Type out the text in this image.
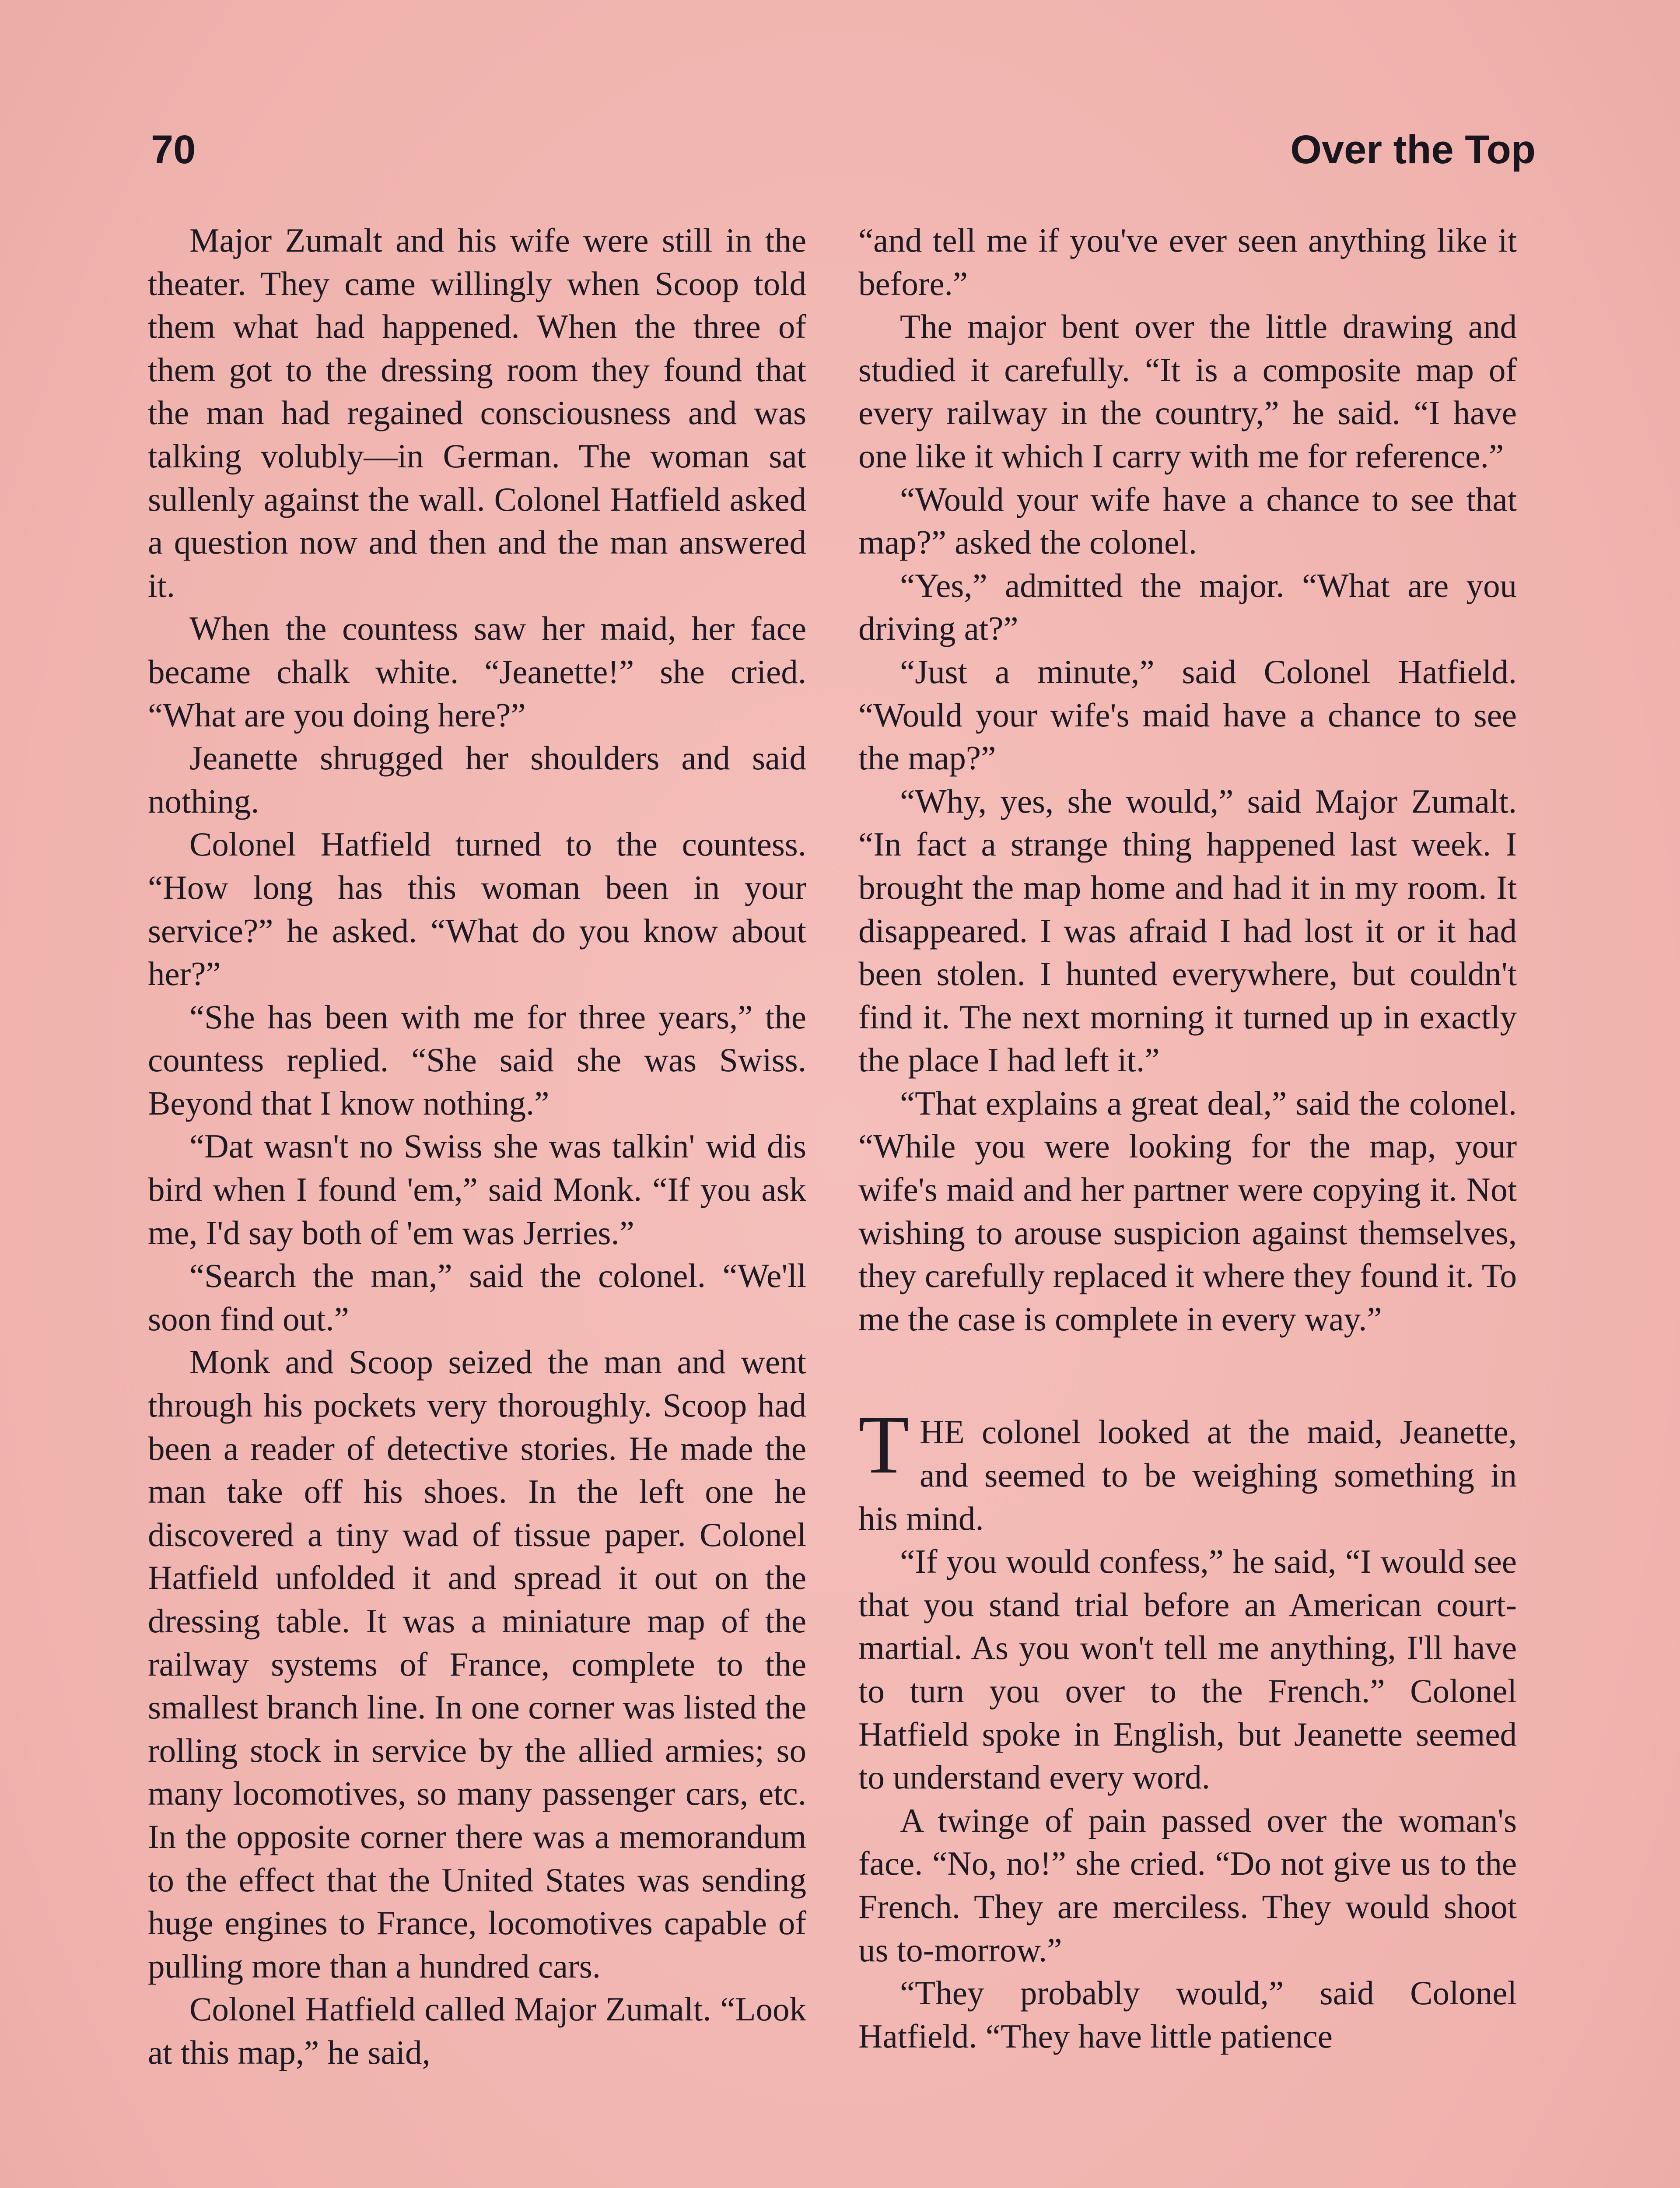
70	Over the Top

Major Zumalt and his wife were still in the theater. They came willingly when Scoop told them what had happened. When the three of them got to the dressing room they found that the man had regained consciousness and was talking volubly—in German. The woman sat sullenly against the wall. Colonel Hatfield asked a question now and then and the man answered it.

When the countess saw her maid, her face became chalk white. “Jeanette!” she cried. “What are you doing here?”

Jeanette shrugged her shoulders and said nothing.

Colonel Hatfield turned to the countess. “How long has this woman been in your service?” he asked. “What do you know about her?”

“She has been with me for three years,” the countess replied. “She said she was Swiss. Beyond that I know nothing.”

“Dat wasn't no Swiss she was talkin' wid dis bird when I found 'em,” said Monk. “If you ask me, I'd say both of 'em was Jerries.”

“Search the man,” said the colonel. “We'll soon find out.”

Monk and Scoop seized the man and went through his pockets very thoroughly. Scoop had been a reader of detective stories. He made the man take off his shoes. In the left one he discovered a tiny wad of tissue paper. Colonel Hatfield unfolded it and spread it out on the dressing table. It was a miniature map of the railway systems of France, complete to the smallest branch line. In one corner was listed the rolling stock in service by the allied armies; so many locomotives, so many passenger cars, etc. In the opposite corner there was a memorandum to the effect that the United States was sending huge engines to France, locomotives capable of pulling more than a hundred cars.

Colonel Hatfield called Major Zumalt. “Look at this map,” he said,

“and tell me if you've ever seen anything like it before.”

The major bent over the little drawing and studied it carefully. “It is a composite map of every railway in the country,” he said. “I have one like it which I carry with me for reference.”

“Would your wife have a chance to see that map?” asked the colonel.

“Yes,” admitted the major. “What are you driving at?”

“Just a minute,” said Colonel Hatfield. “Would your wife's maid have a chance to see the map?”

“Why, yes, she would,” said Major Zumalt. “In fact a strange thing happened last week. I brought the map home and had it in my room. It disappeared. I was afraid I had lost it or it had been stolen. I hunted everywhere, but couldn't find it. The next morning it turned up in exactly the place I had left it.”

“That explains a great deal,” said the colonel. “While you were looking for the map, your wife's maid and her partner were copying it. Not wishing to arouse suspicion against themselves, they carefully replaced it where they found it. To me the case is complete in every way.”

THE colonel looked at the maid, Jeanette, and seemed to be weighing something in his mind.

“If you would confess,” he said, “I would see that you stand trial before an American court-martial. As you won't tell me anything, I'll have to turn you over to the French.” Colonel Hatfield spoke in English, but Jeanette seemed to understand every word.

A twinge of pain passed over the woman's face. “No, no!” she cried. “Do not give us to the French. They are merciless. They would shoot us to-morrow.”

“They probably would,” said Colonel Hatfield. “They have little patience
